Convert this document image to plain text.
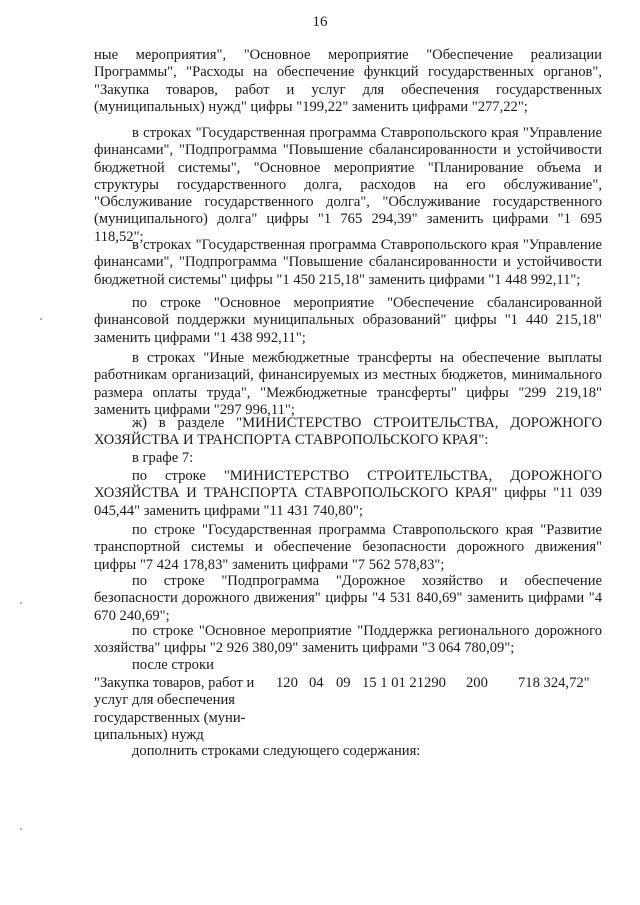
16

ные мероприятия", "Основное мероприятие "Обеспечение реализации Программы", "Расходы на обеспечение функций государственных органов", "Закупка товаров, работ и услуг для обеспечения государственных (муниципальных) нужд" цифры "199,22" заменить цифрами "277,22";

в строках "Государственная программа Ставропольского края "Управление финансами", "Подпрограмма "Повышение сбалансированности и устойчивости бюджетной системы", "Основное мероприятие "Планирование объема и структуры государственного долга, расходов на его обслуживание", "Обслуживание государственного долга", "Обслуживание государственного (муниципального) долга" цифры "1 765 294,39" заменить цифрами "1 695 118,52";

в строках "Государственная программа Ставропольского края "Управление финансами", "Подпрограмма "Повышение сбалансированности и устойчивости бюджетной системы" цифры "1 450 215,18" заменить цифрами "1 448 992,11";

по строке "Основное мероприятие "Обеспечение сбалансированной финансовой поддержки муниципальных образований" цифры "1 440 215,18" заменить цифрами "1 438 992,11";

в строках "Иные межбюджетные трансферты на обеспечение выплаты работникам организаций, финансируемых из местных бюджетов, минимального размера оплаты труда", "Межбюджетные трансферты" цифры "299 219,18" заменить цифрами "297 996,11";

ж) в разделе "МИНИСТЕРСТВО СТРОИТЕЛЬСТВА, ДОРОЖНОГО ХОЗЯЙСТВА И ТРАНСПОРТА СТАВРОПОЛЬСКОГО КРАЯ":

в графе 7:

по строке "МИНИСТЕРСТВО СТРОИТЕЛЬСТВА, ДОРОЖНОГО ХОЗЯЙСТВА И ТРАНСПОРТА СТАВРОПОЛЬСКОГО КРАЯ" цифры "11 039 045,44" заменить цифрами "11 431 740,80";

по строке "Государственная программа Ставропольского края "Развитие транспортной системы и обеспечение безопасности дорожного движения" цифры "7 424 178,83" заменить цифрами "7 562 578,83";

по строке "Подпрограмма "Дорожное хозяйство и обеспечение безопасности дорожного движения" цифры "4 531 840,69" заменить цифрами "4 670 240,69";

по строке "Основное мероприятие "Поддержка регионального дорожного хозяйства" цифры "2 926 380,09" заменить цифрами "3 064 780,09";

после строки

"Закупка товаров, работ и
услуг для обеспечения
государственных (муни-
ципальных) нужд
120 04 09 15 1 01 21290 200 718 324,72"
дополнить строками следующего содержания:
